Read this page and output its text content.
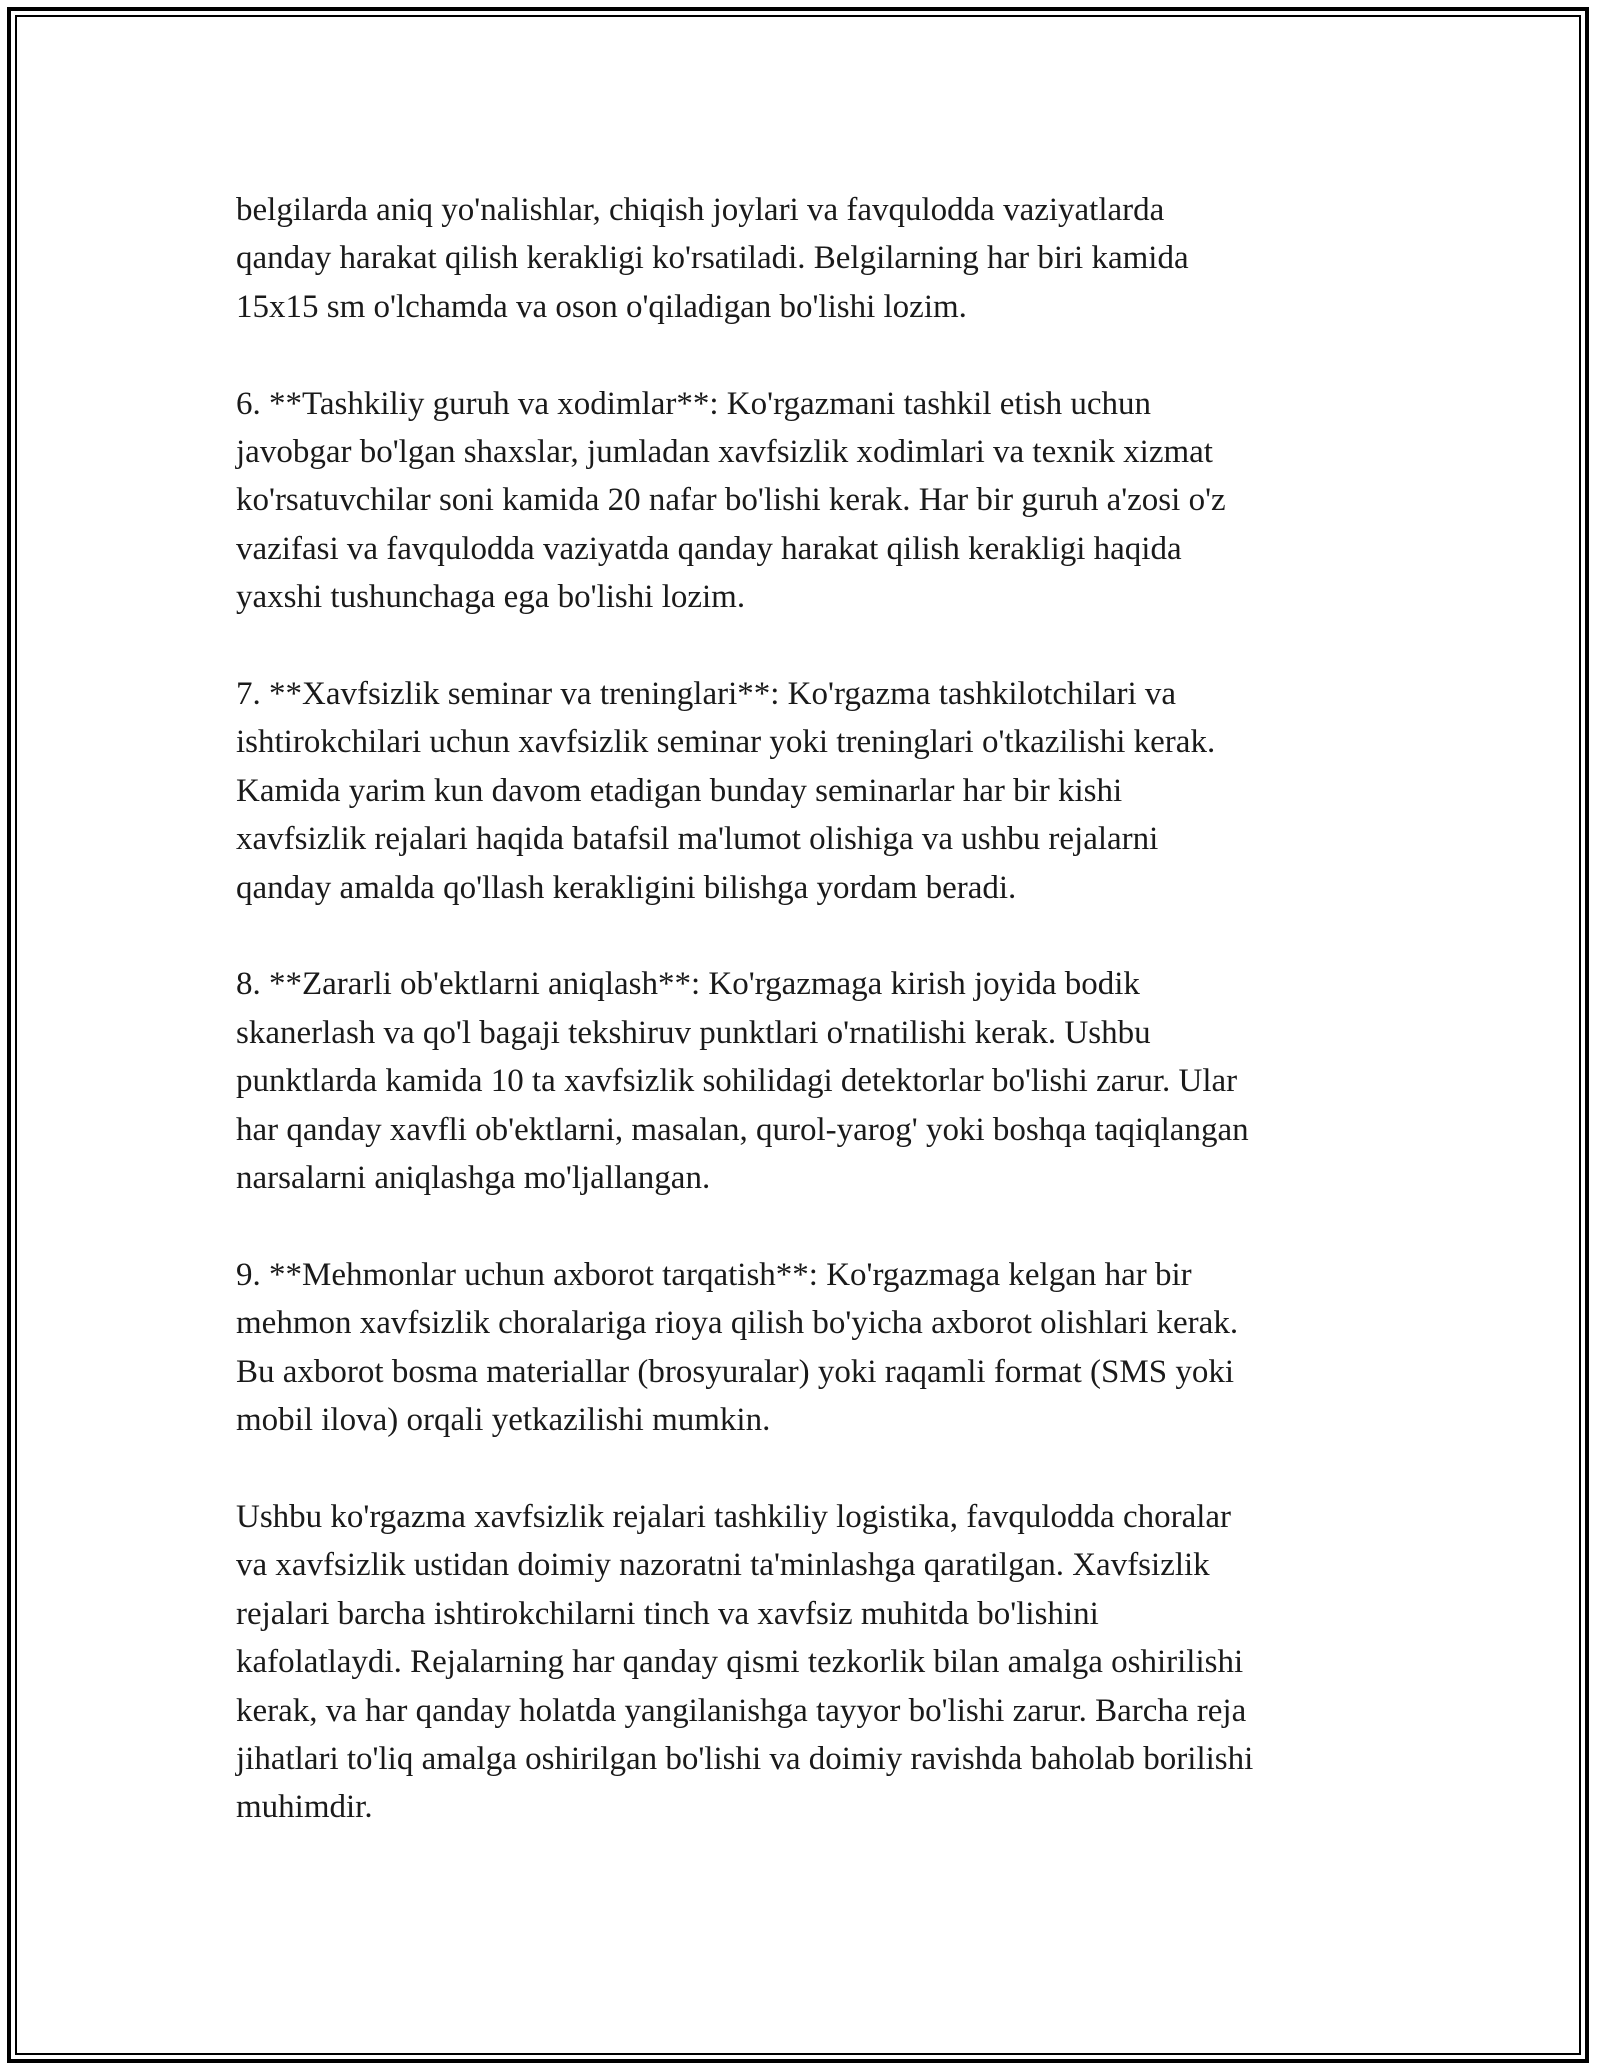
belgilarda aniq yo'nalishlar, chiqish joylari va favqulodda vaziyatlarda
qanday harakat qilish kerakligi ko'rsatiladi. Belgilarning har biri kamida
15x15 sm o'lchamda va oson o'qiladigan bo'lishi lozim.

6. **Tashkiliy guruh va xodimlar**: Ko'rgazmani tashkil etish uchun
javobgar bo'lgan shaxslar, jumladan xavfsizlik xodimlari va texnik xizmat
ko'rsatuvchilar soni kamida 20 nafar bo'lishi kerak. Har bir guruh a'zosi o'z
vazifasi va favqulodda vaziyatda qanday harakat qilish kerakligi haqida
yaxshi tushunchaga ega bo'lishi lozim.

7. **Xavfsizlik seminar va treninglari**: Ko'rgazma tashkilotchilari va
ishtirokchilari uchun xavfsizlik seminar yoki treninglari o'tkazilishi kerak.
Kamida yarim kun davom etadigan bunday seminarlar har bir kishi
xavfsizlik rejalari haqida batafsil ma'lumot olishiga va ushbu rejalarni
qanday amalda qo'llash kerakligini bilishga yordam beradi.

8. **Zararli ob'ektlarni aniqlash**: Ko'rgazmaga kirish joyida bodik
skanerlash va qo'l bagaji tekshiruv punktlari o'rnatilishi kerak. Ushbu
punktlarda kamida 10 ta xavfsizlik sohilidagi detektorlar bo'lishi zarur. Ular
har qanday xavfli ob'ektlarni, masalan, qurol-yarog' yoki boshqa taqiqlangan
narsalarni aniqlashga mo'ljallangan.

9. **Mehmonlar uchun axborot tarqatish**: Ko'rgazmaga kelgan har bir
mehmon xavfsizlik choralariga rioya qilish bo'yicha axborot olishlari kerak.
Bu axborot bosma materiallar (brosyuralar) yoki raqamli format (SMS yoki
mobil ilova) orqali yetkazilishi mumkin.

Ushbu ko'rgazma xavfsizlik rejalari tashkiliy logistika, favqulodda choralar
va xavfsizlik ustidan doimiy nazoratni ta'minlashga qaratilgan. Xavfsizlik
rejalari barcha ishtirokchilarni tinch va xavfsiz muhitda bo'lishini
kafolatlaydi. Rejalarning har qanday qismi tezkorlik bilan amalga oshirilishi
kerak, va har qanday holatda yangilanishga tayyor bo'lishi zarur. Barcha reja
jihatlari to'liq amalga oshirilgan bo'lishi va doimiy ravishda baholab borilishi
muhimdir.
